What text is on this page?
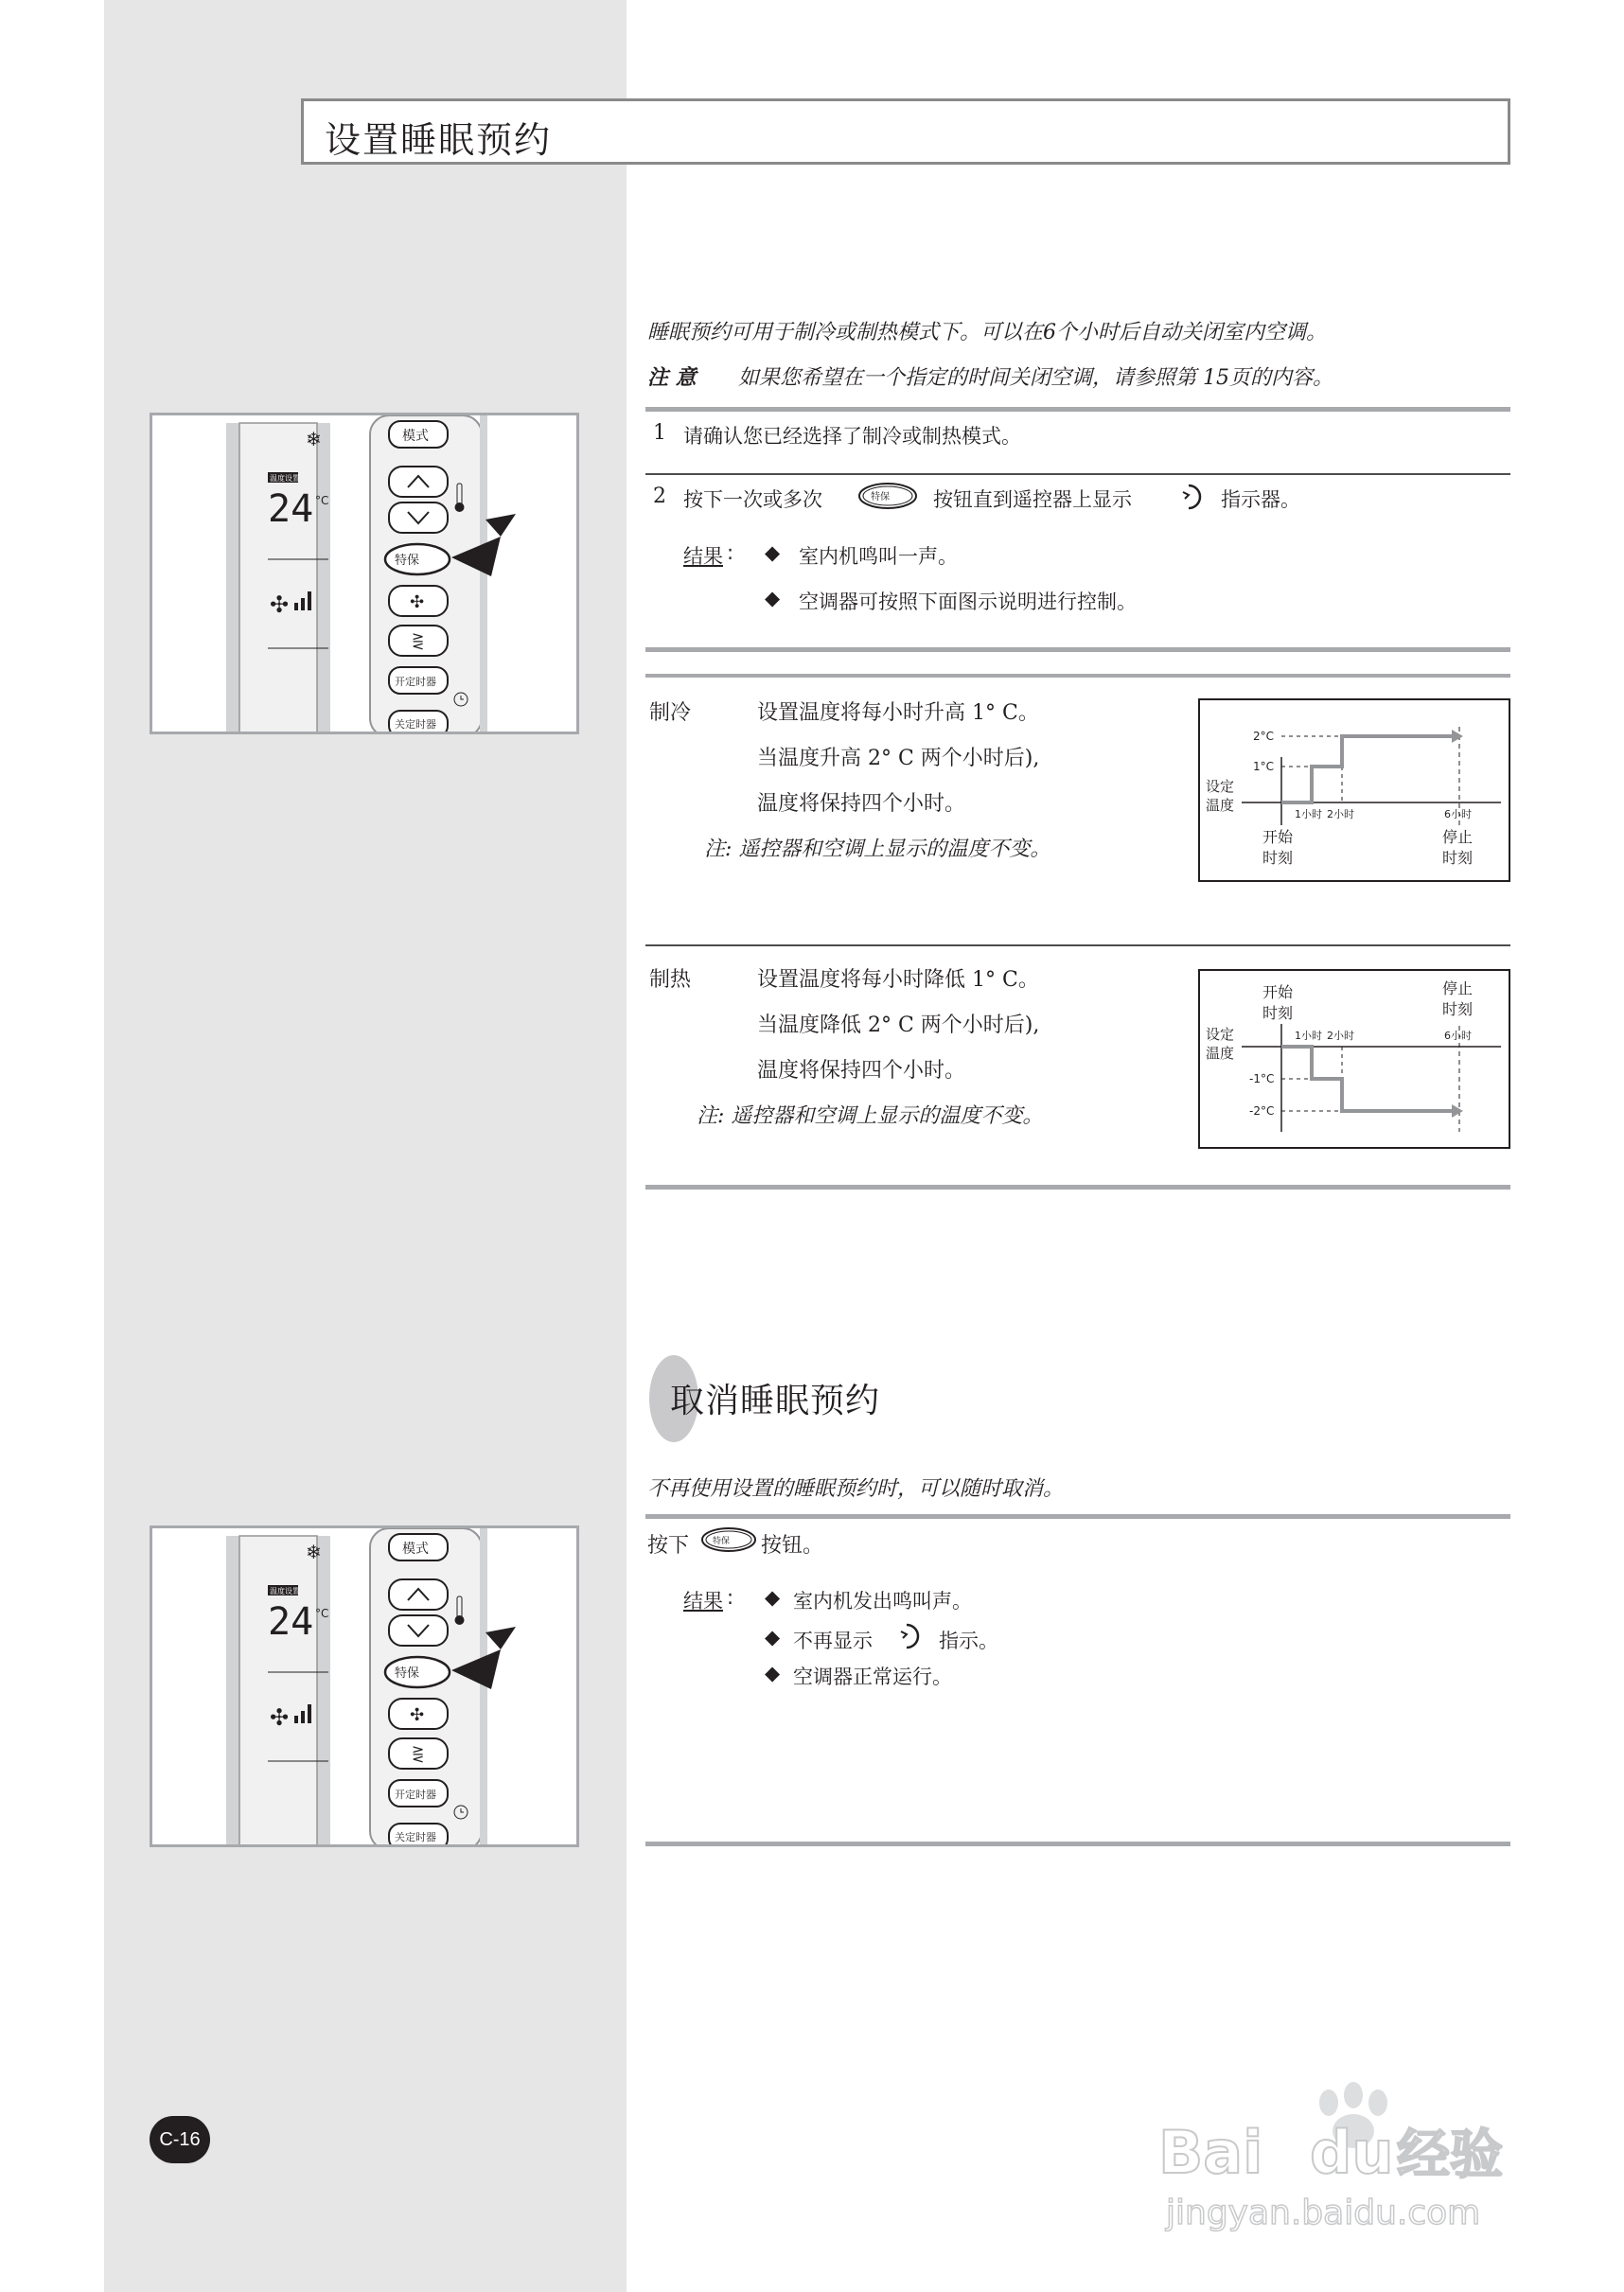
设置睡眠预约
睡眠预约可用于制冷或制热模式下。可以在6个小时后自动关闭室内空调。
注 意 如果您希望在一个指定的时间关闭空调，请参照第 15页的内容。
1 请确认您已经选择了制冷或制热模式。
2 按下一次或多次	特保 按钮直到遥控器上显示	指示器。
结果 : ◆ 室内机鸣叫一声。
◆ 空调器可按照下面图示说明进行控制。
制冷	设置温度将每小时升高 1° C。
当温度升高 2° C 两个小时后),
温度将保持四个小时。
注: 遥控器和空调上显示的温度不变。
2°C
1°C
设定
温度
1小时 2小时	6小时
开始
时刻
停止
时刻
制热	设置温度将每小时降低 1° C。
当温度降低 2° C 两个小时后),
温度将保持四个小时。
注: 遥控器和空调上显示的温度不变。
开始
时刻
停止
时刻
1小时 2小时	6小时
设定
温度
-1°C
-2°C
取消睡眠预约
不再使用设置的睡眠预约时，可以随时取消。
按下	特保 按钮。
结果 : ◆ 室内机发出鸣叫声。
◆ 不再显示	指示。
◆ 空调器正常运行。
❄
温度设置
24 °C
✣
模式
特保
✣
⋛
开定时器
关定时器
❄
温度设置
24 °C
✣
模式
特保
✣
⋛
开定时器
关定时器
C-16	Bai du 经验
jingyan.baidu.com
